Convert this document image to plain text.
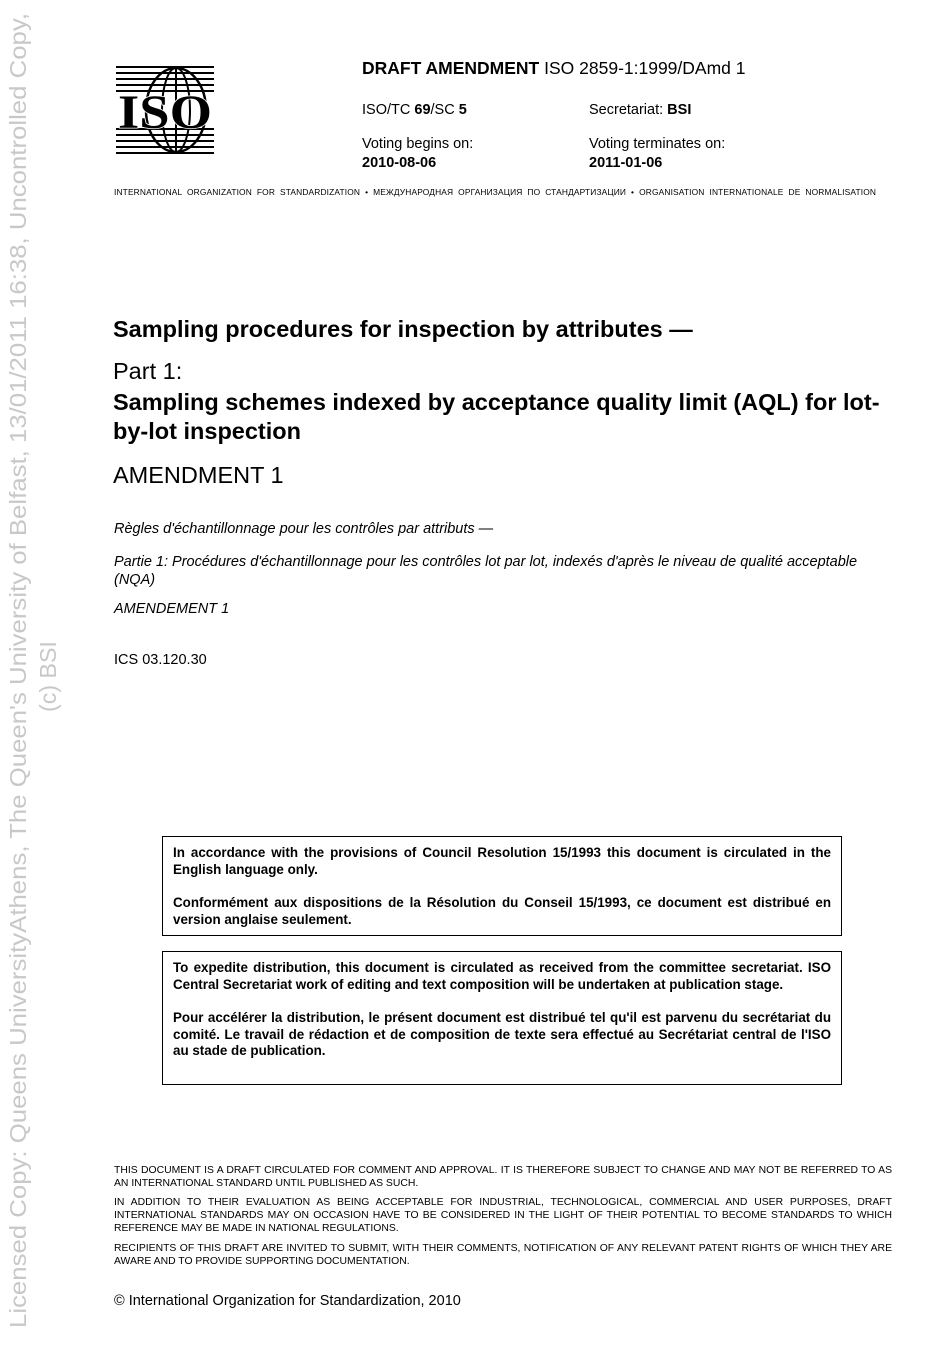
Licensed Copy: Queens UniversityAthens, The Queen's University of Belfast, 13/01/2011 16:38, Uncontrolled Copy, (c) BSI
ISO
DRAFT AMENDMENT ISO 2859-1:1999/DAmd 1
ISO/TC 69/SC 5	Secretariat: BSI
Voting begins on:
2010-08-06
Voting terminates on:
2011-01-06
INTERNATIONAL ORGANIZATION FOR STANDARDIZATION • МЕЖДУНАРОДНАЯ ОРГАНИЗАЦИЯ ПО СТАНДАРТИЗАЦИИ • ORGANISATION INTERNATIONALE DE NORMALISATION
Sampling procedures for inspection by attributes —
Part 1:
Sampling schemes indexed by acceptance quality limit (AQL) for lot-by-lot inspection
AMENDMENT 1
Règles d'échantillonnage pour les contrôles par attributs —
Partie 1: Procédures d'échantillonnage pour les contrôles lot par lot, indexés d'après le niveau de qualité acceptable (NQA)
AMENDEMENT 1
ICS 03.120.30

In accordance with the provisions of Council Resolution 15/1993 this document is circulated in the English language only.

Conformément aux dispositions de la Résolution du Conseil 15/1993, ce document est distribué en version anglaise seulement.

To expedite distribution, this document is circulated as received from the committee secretariat. ISO Central Secretariat work of editing and text composition will be undertaken at publication stage.

Pour accélérer la distribution, le présent document est distribué tel qu'il est parvenu du secrétariat du comité. Le travail de rédaction et de composition de texte sera effectué au Secrétariat central de l'ISO au stade de publication.

THIS DOCUMENT IS A DRAFT CIRCULATED FOR COMMENT AND APPROVAL. IT IS THEREFORE SUBJECT TO CHANGE AND MAY NOT BE REFERRED TO AS AN INTERNATIONAL STANDARD UNTIL PUBLISHED AS SUCH.
IN ADDITION TO THEIR EVALUATION AS BEING ACCEPTABLE FOR INDUSTRIAL, TECHNOLOGICAL, COMMERCIAL AND USER PURPOSES, DRAFT INTERNATIONAL STANDARDS MAY ON OCCASION HAVE TO BE CONSIDERED IN THE LIGHT OF THEIR POTENTIAL TO BECOME STANDARDS TO WHICH REFERENCE MAY BE MADE IN NATIONAL REGULATIONS.
RECIPIENTS OF THIS DRAFT ARE INVITED TO SUBMIT, WITH THEIR COMMENTS, NOTIFICATION OF ANY RELEVANT PATENT RIGHTS OF WHICH THEY ARE AWARE AND TO PROVIDE SUPPORTING DOCUMENTATION.
© International Organization for Standardization, 2010
